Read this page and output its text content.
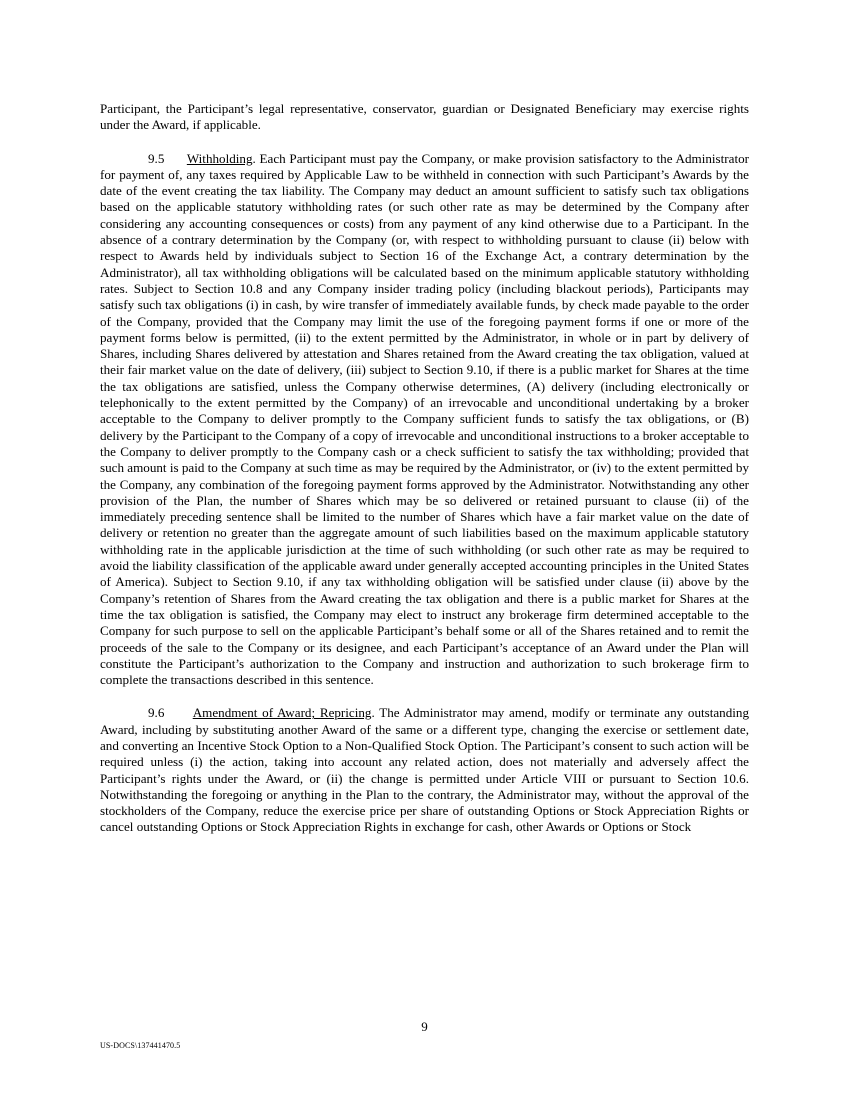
Participant, the Participant’s legal representative, conservator, guardian or Designated Beneficiary may exercise rights under the Award, if applicable.

9.5 Withholding. Each Participant must pay the Company, or make provision satisfactory to the Administrator for payment of, any taxes required by Applicable Law to be withheld in connection with such Participant’s Awards by the date of the event creating the tax liability. The Company may deduct an amount sufficient to satisfy such tax obligations based on the applicable statutory withholding rates (or such other rate as may be determined by the Company after considering any accounting consequences or costs) from any payment of any kind otherwise due to a Participant. In the absence of a contrary determination by the Company (or, with respect to withholding pursuant to clause (ii) below with respect to Awards held by individuals subject to Section 16 of the Exchange Act, a contrary determination by the Administrator), all tax withholding obligations will be calculated based on the minimum applicable statutory withholding rates. Subject to Section 10.8 and any Company insider trading policy (including blackout periods), Participants may satisfy such tax obligations (i) in cash, by wire transfer of immediately available funds, by check made payable to the order of the Company, provided that the Company may limit the use of the foregoing payment forms if one or more of the payment forms below is permitted, (ii) to the extent permitted by the Administrator, in whole or in part by delivery of Shares, including Shares delivered by attestation and Shares retained from the Award creating the tax obligation, valued at their fair market value on the date of delivery, (iii) subject to Section 9.10, if there is a public market for Shares at the time the tax obligations are satisfied, unless the Company otherwise determines, (A) delivery (including electronically or telephonically to the extent permitted by the Company) of an irrevocable and unconditional undertaking by a broker acceptable to the Company to deliver promptly to the Company sufficient funds to satisfy the tax obligations, or (B) delivery by the Participant to the Company of a copy of irrevocable and unconditional instructions to a broker acceptable to the Company to deliver promptly to the Company cash or a check sufficient to satisfy the tax withholding; provided that such amount is paid to the Company at such time as may be required by the Administrator, or (iv) to the extent permitted by the Company, any combination of the foregoing payment forms approved by the Administrator. Notwithstanding any other provision of the Plan, the number of Shares which may be so delivered or retained pursuant to clause (ii) of the immediately preceding sentence shall be limited to the number of Shares which have a fair market value on the date of delivery or retention no greater than the aggregate amount of such liabilities based on the maximum applicable statutory withholding rate in the applicable jurisdiction at the time of such withholding (or such other rate as may be required to avoid the liability classification of the applicable award under generally accepted accounting principles in the United States of America). Subject to Section 9.10, if any tax withholding obligation will be satisfied under clause (ii) above by the Company’s retention of Shares from the Award creating the tax obligation and there is a public market for Shares at the time the tax obligation is satisfied, the Company may elect to instruct any brokerage firm determined acceptable to the Company for such purpose to sell on the applicable Participant’s behalf some or all of the Shares retained and to remit the proceeds of the sale to the Company or its designee, and each Participant’s acceptance of an Award under the Plan will constitute the Participant’s authorization to the Company and instruction and authorization to such brokerage firm to complete the transactions described in this sentence.

9.6 Amendment of Award; Repricing. The Administrator may amend, modify or terminate any outstanding Award, including by substituting another Award of the same or a different type, changing the exercise or settlement date, and converting an Incentive Stock Option to a Non-Qualified Stock Option. The Participant’s consent to such action will be required unless (i) the action, taking into account any related action, does not materially and adversely affect the Participant’s rights under the Award, or (ii) the change is permitted under Article VIII or pursuant to Section 10.6. Notwithstanding the foregoing or anything in the Plan to the contrary, the Administrator may, without the approval of the stockholders of the Company, reduce the exercise price per share of outstanding Options or Stock Appreciation Rights or cancel outstanding Options or Stock Appreciation Rights in exchange for cash, other Awards or Options or Stock

9
US-DOCS\137441470.5
